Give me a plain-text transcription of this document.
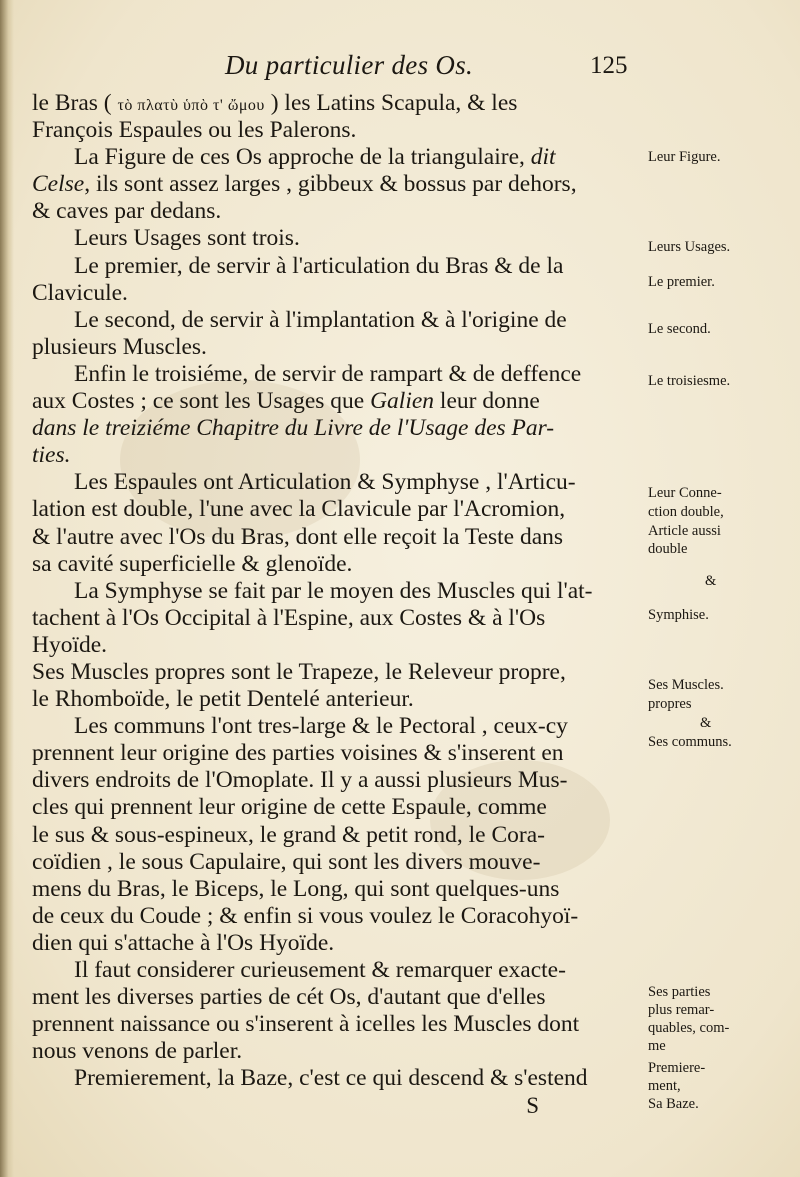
Du particulier des Os.	125
le Bras ( τὸ πλατὺ ὑπὸ τ' ὤμου ) les Latins Scapula, & les
François Espaules ou les Palerons.
La Figure de ces Os approche de la triangulaire, dit
Celse, ils sont assez larges , gibbeux & bossus par dehors,
& caves par dedans.
Leurs Usages sont trois.
Le premier, de servir à l'articulation du Bras & de la
Clavicule.
Le second, de servir à l'implantation & à l'origine de
plusieurs Muscles.
Enfin le troisiéme, de servir de rampart & de deffence
aux Costes ; ce sont les Usages que Galien leur donne
dans le treiziéme Chapitre du Livre de l'Usage des Par-
ties.
Les Espaules ont Articulation & Symphyse , l'Articu-
lation est double, l'une avec la Clavicule par l'Acromion,
& l'autre avec l'Os du Bras, dont elle reçoit la Teste dans
sa cavité superficielle & glenoïde.
La Symphyse se fait par le moyen des Muscles qui l'at-
tachent à l'Os Occipital à l'Espine, aux Costes & à l'Os
Hyoïde.
Ses Muscles propres sont le Trapeze, le Releveur propre,
le Rhomboïde, le petit Dentelé anterieur.
Les communs l'ont tres-large & le Pectoral , ceux-cy
prennent leur origine des parties voisines & s'inserent en
divers endroits de l'Omoplate. Il y a aussi plusieurs Mus-
cles qui prennent leur origine de cette Espaule, comme
le sus & sous-espineux, le grand & petit rond, le Cora-
coïdien , le sous Capulaire, qui sont les divers mouve-
mens du Bras, le Biceps, le Long, qui sont quelques-uns
de ceux du Coude ; & enfin si vous voulez le Coracohyoï-
dien qui s'attache à l'Os Hyoïde.
Il faut considerer curieusement & remarquer exacte-
ment les diverses parties de cét Os, d'autant que d'elles
prennent naissance ou s'inserent à icelles les Muscles dont
nous venons de parler.
Premierement, la Baze, c'est ce qui descend & s'estend
S
Leur Figure.
Leurs Usages.
Le premier.
Le second.
Le troisiesme.
Leur Conne-
ction double,
Article aussi
double
&
Symphise.
Ses Muscles.
propres
&
Ses communs.
Ses parties
plus remar-
quables, com-
me
Premiere-
ment,
Sa Baze.
